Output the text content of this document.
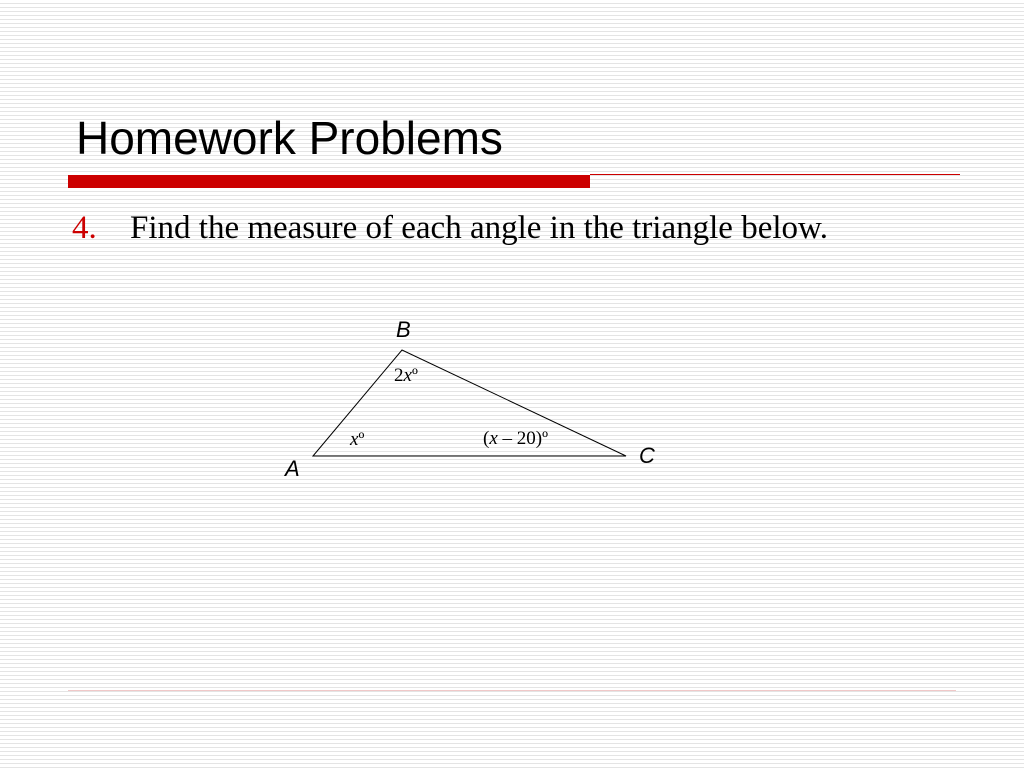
Homework Problems
4. Find the measure of each angle in the triangle below.
B
A
C
2xº
xº	(x – 20)º
